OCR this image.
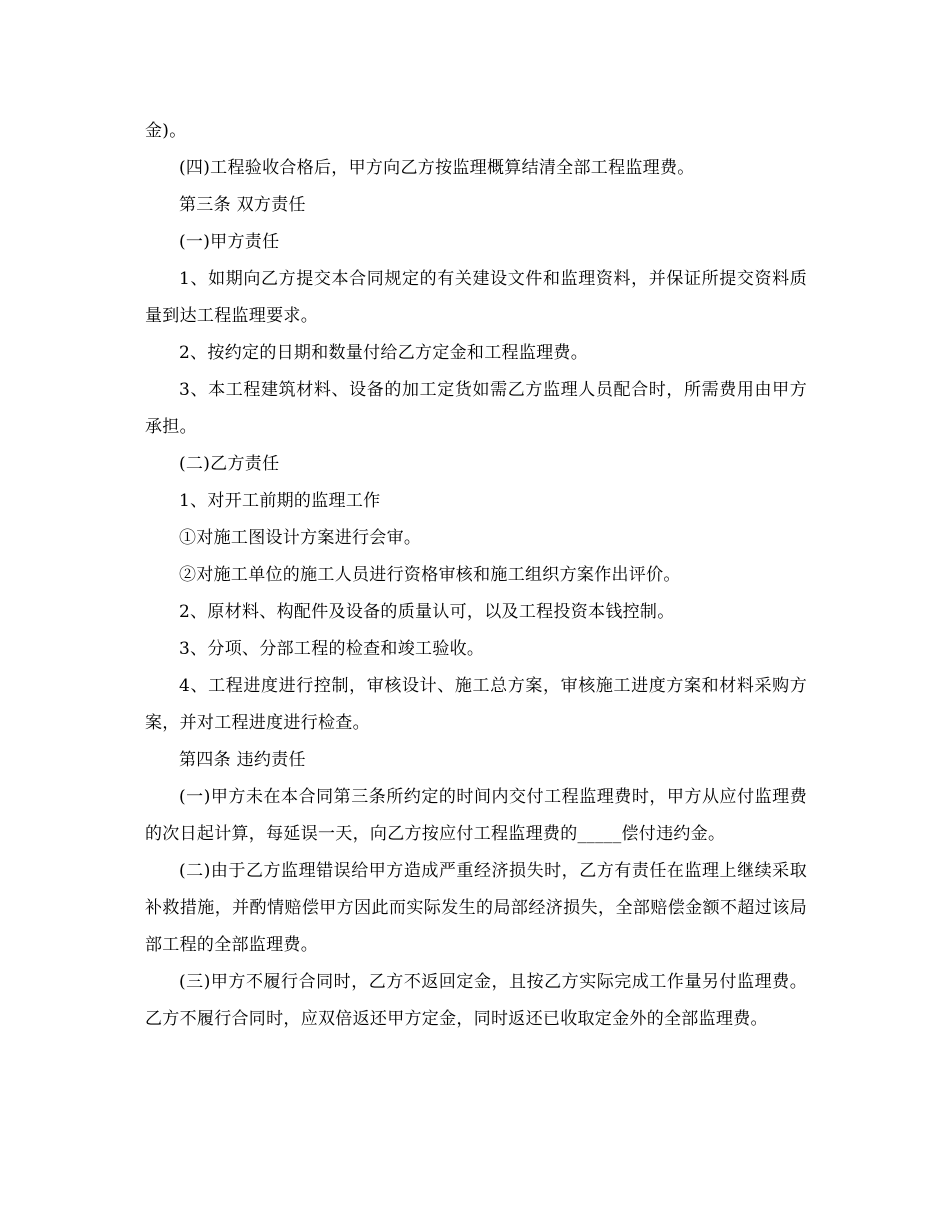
金)。

(四)工程验收合格后，甲方向乙方按监理概算结清全部工程监理费。

第三条 双方责任

(一)甲方责任

1、如期向乙方提交本合同规定的有关建设文件和监理资料，并保证所提交资料质量到达工程监理要求。

2、按约定的日期和数量付给乙方定金和工程监理费。

3、本工程建筑材料、设备的加工定货如需乙方监理人员配合时，所需费用由甲方承担。

(二)乙方责任

1、对开工前期的监理工作

①对施工图设计方案进行会审。

②对施工单位的施工人员进行资格审核和施工组织方案作出评价。

2、原材料、构配件及设备的质量认可，以及工程投资本钱控制。

3、分项、分部工程的检查和竣工验收。

4、工程进度进行控制，审核设计、施工总方案，审核施工进度方案和材料采购方案，并对工程进度进行检查。

第四条 违约责任

(一)甲方未在本合同第三条所约定的时间内交付工程监理费时，甲方从应付监理费的次日起计算，每延误一天，向乙方按应付工程监理费的_____偿付违约金。

(二)由于乙方监理错误给甲方造成严重经济损失时，乙方有责任在监理上继续采取补救措施，并酌情赔偿甲方因此而实际发生的局部经济损失，全部赔偿金额不超过该局部工程的全部监理费。

(三)甲方不履行合同时，乙方不返回定金，且按乙方实际完成工作量另付监理费。乙方不履行合同时，应双倍返还甲方定金，同时返还已收取定金外的全部监理费。
